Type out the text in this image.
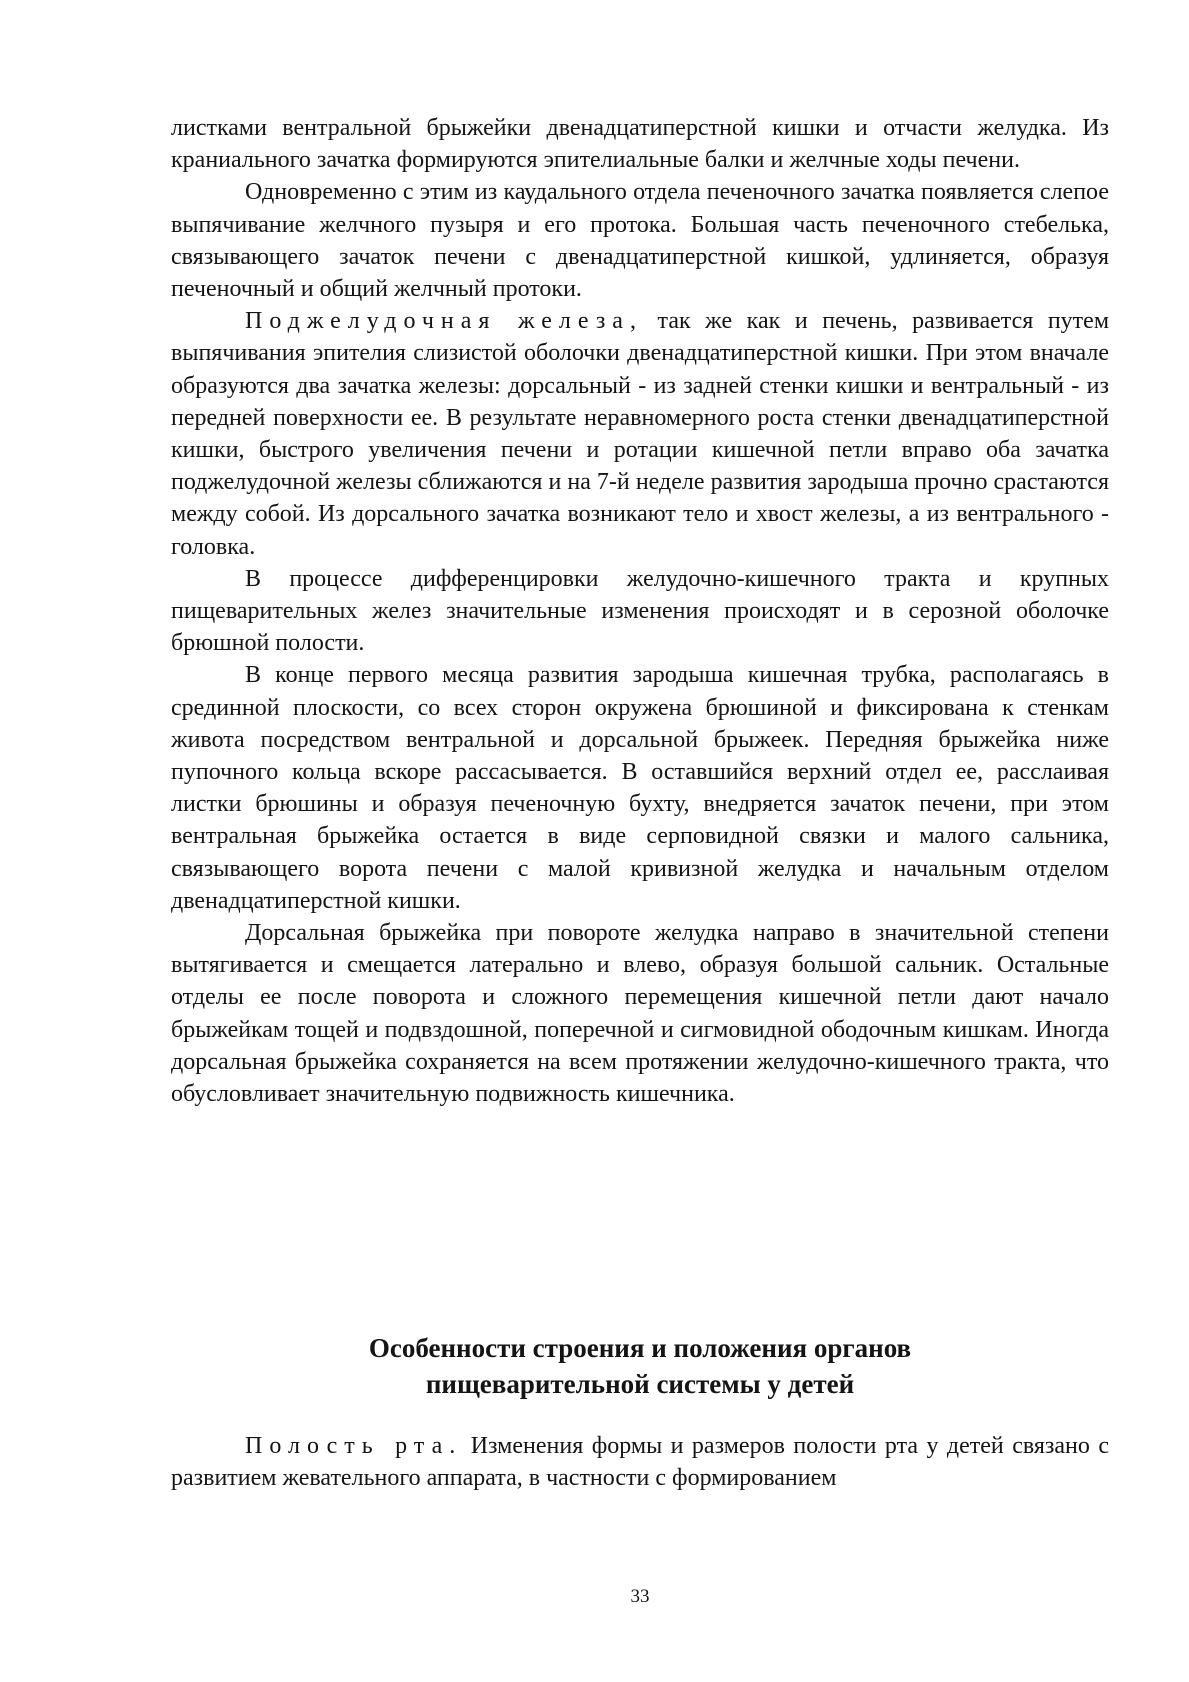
листками вентральной брыжейки двенадцатиперстной кишки и отчасти желудка. Из краниального зачатка формируются эпителиальные балки и желчные ходы печени.

Одновременно с этим из каудального отдела печеночного зачатка появляется слепое выпячивание желчного пузыря и его протока. Большая часть печеночного стебелька, связывающего зачаток печени с двенадцатиперстной кишкой, удлиняется, образуя печеночный и общий желчный протоки.

Поджелудочная железа, так же как и печень, развивается путем выпячивания эпителия слизистой оболочки двенадцатиперстной кишки. При этом вначале образуются два зачатка железы: дорсальный - из задней стенки кишки и вентральный - из передней поверхности ее. В результате неравномерного роста стенки двенадцатиперстной кишки, быстрого увеличения печени и ротации кишечной петли вправо оба зачатка поджелудочной железы сближаются и на 7-й неделе развития зародыша прочно срастаются между собой. Из дорсального зачатка возникают тело и хвост железы, а из вентрального - головка.

В процессе дифференцировки желудочно-кишечного тракта и крупных пищеварительных желез значительные изменения происходят и в серозной оболочке брюшной полости.

В конце первого месяца развития зародыша кишечная трубка, располагаясь в срединной плоскости, со всех сторон окружена брюшиной и фиксирована к стенкам живота посредством вентральной и дорсальной брыжеек. Передняя брыжейка ниже пупочного кольца вскоре рассасывается. В оставшийся верхний отдел ее, расслаивая листки брюшины и образуя печеночную бухту, внедряется зачаток печени, при этом вентральная брыжейка остается в виде серповидной связки и малого сальника, связывающего ворота печени с малой кривизной желудка и начальным отделом двенадцатиперстной кишки.

Дорсальная брыжейка при повороте желудка направо в значительной степени вытягивается и смещается латерально и влево, образуя большой сальник. Остальные отделы ее после поворота и сложного перемещения кишечной петли дают начало брыжейкам тощей и подвздошной, поперечной и сигмовидной ободочным кишкам. Иногда дорсальная брыжейка сохраняется на всем протяжении желудочно-кишечного тракта, что обусловливает значительную подвижность кишечника.

Особенности строения и положения органов
пищеварительной системы у детей

Полость рта. Изменения формы и размеров полости рта у детей связано с развитием жевательного аппарата, в частности с формированием

33
